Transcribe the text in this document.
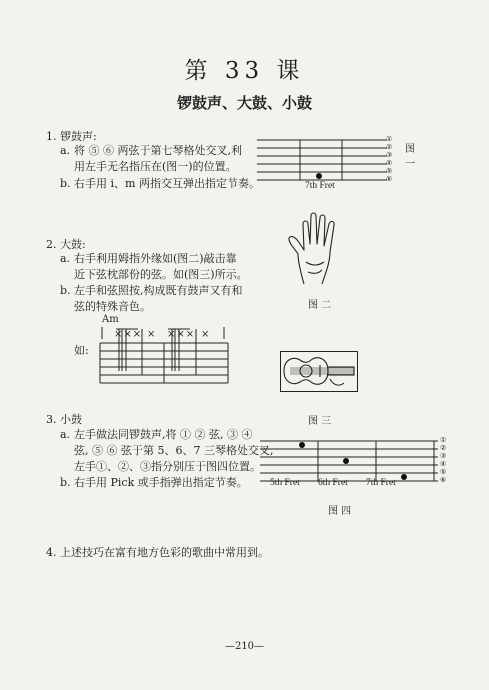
第 33 课
锣鼓声、大鼓、小鼓
1. 锣鼓声:
a. 将 ⑤ ⑥ 两弦于第七琴格处交叉,利
用左手无名指压在(图一)的位置。
b. 右手用 i、m 两指交互弹出指定节奏。
①
②
③
④
⑤
⑥
图一
7th Fret
2. 大鼓:
a. 右手利用姆指外缘如(图二)敲击靠
近下弦枕部份的弦。如(图三)所示。
b. 左手和弦照按,构成既有鼓声又有和
弦的特殊音色。	图 二
Am
××× × ××× ×
如:
图 三
3. 小鼓
a. 左手做法同锣鼓声,将 ① ② 弦, ③ ④
弦, ⑤ ⑥ 弦于第 5、6、7 三琴格处交叉,
左手①、②、③指分别压于图四位置。
b. 右手用 Pick 或手指弹出指定节奏。
①
②
③
④
⑤
⑥
5th Fret 6th Fret 7th Fret
图 四
4. 上述技巧在富有地方色彩的歌曲中常用到。
—210—
